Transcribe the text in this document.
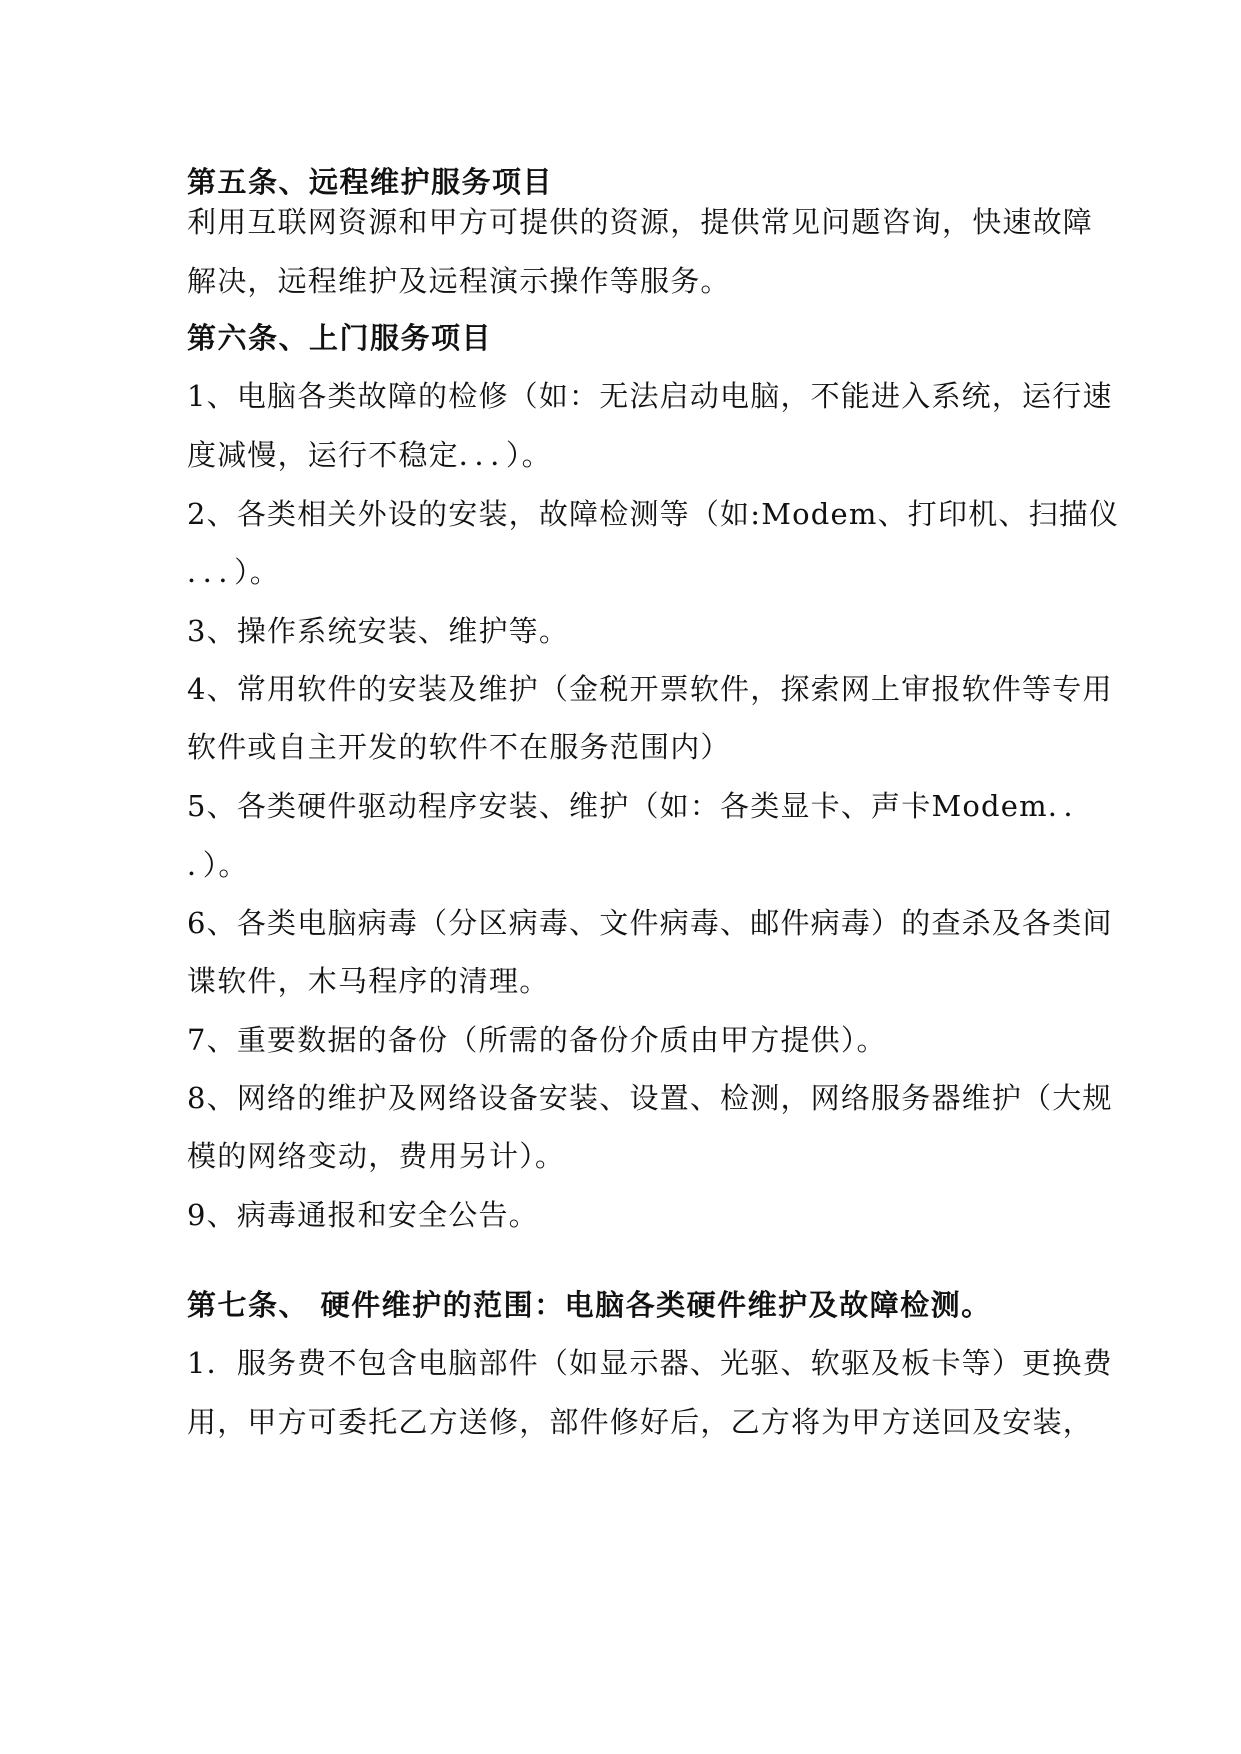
第五条、远程维护服务项目
利用互联网资源和甲方可提供的资源，提供常见问题咨询，快速故障
解决，远程维护及远程演示操作等服务。
第六条、上门服务项目
1、电脑各类故障的检修（如：无法启动电脑，不能进入系统，运行速
度减慢，运行不稳定．．．）。
2、各类相关外设的安装，故障检测等（如:Modem、打印机、扫描仪
．．．）。
3、操作系统安装、维护等。
4、常用软件的安装及维护（金税开票软件，探索网上审报软件等专用
软件或自主开发的软件不在服务范围内）
5、各类硬件驱动程序安装、维护（如：各类显卡、声卡Modem．．
．）。
6、各类电脑病毒（分区病毒、文件病毒、邮件病毒）的查杀及各类间
谍软件，木马程序的清理。
7、重要数据的备份（所需的备份介质由甲方提供）。
8、网络的维护及网络设备安装、设置、检测，网络服务器维护（大规
模的网络变动，费用另计）。
9、病毒通报和安全公告。
第七条、 硬件维护的范围：电脑各类硬件维护及故障检测。
1．服务费不包含电脑部件（如显示器、光驱、软驱及板卡等）更换费
用，甲方可委托乙方送修，部件修好后，乙方将为甲方送回及安装，
